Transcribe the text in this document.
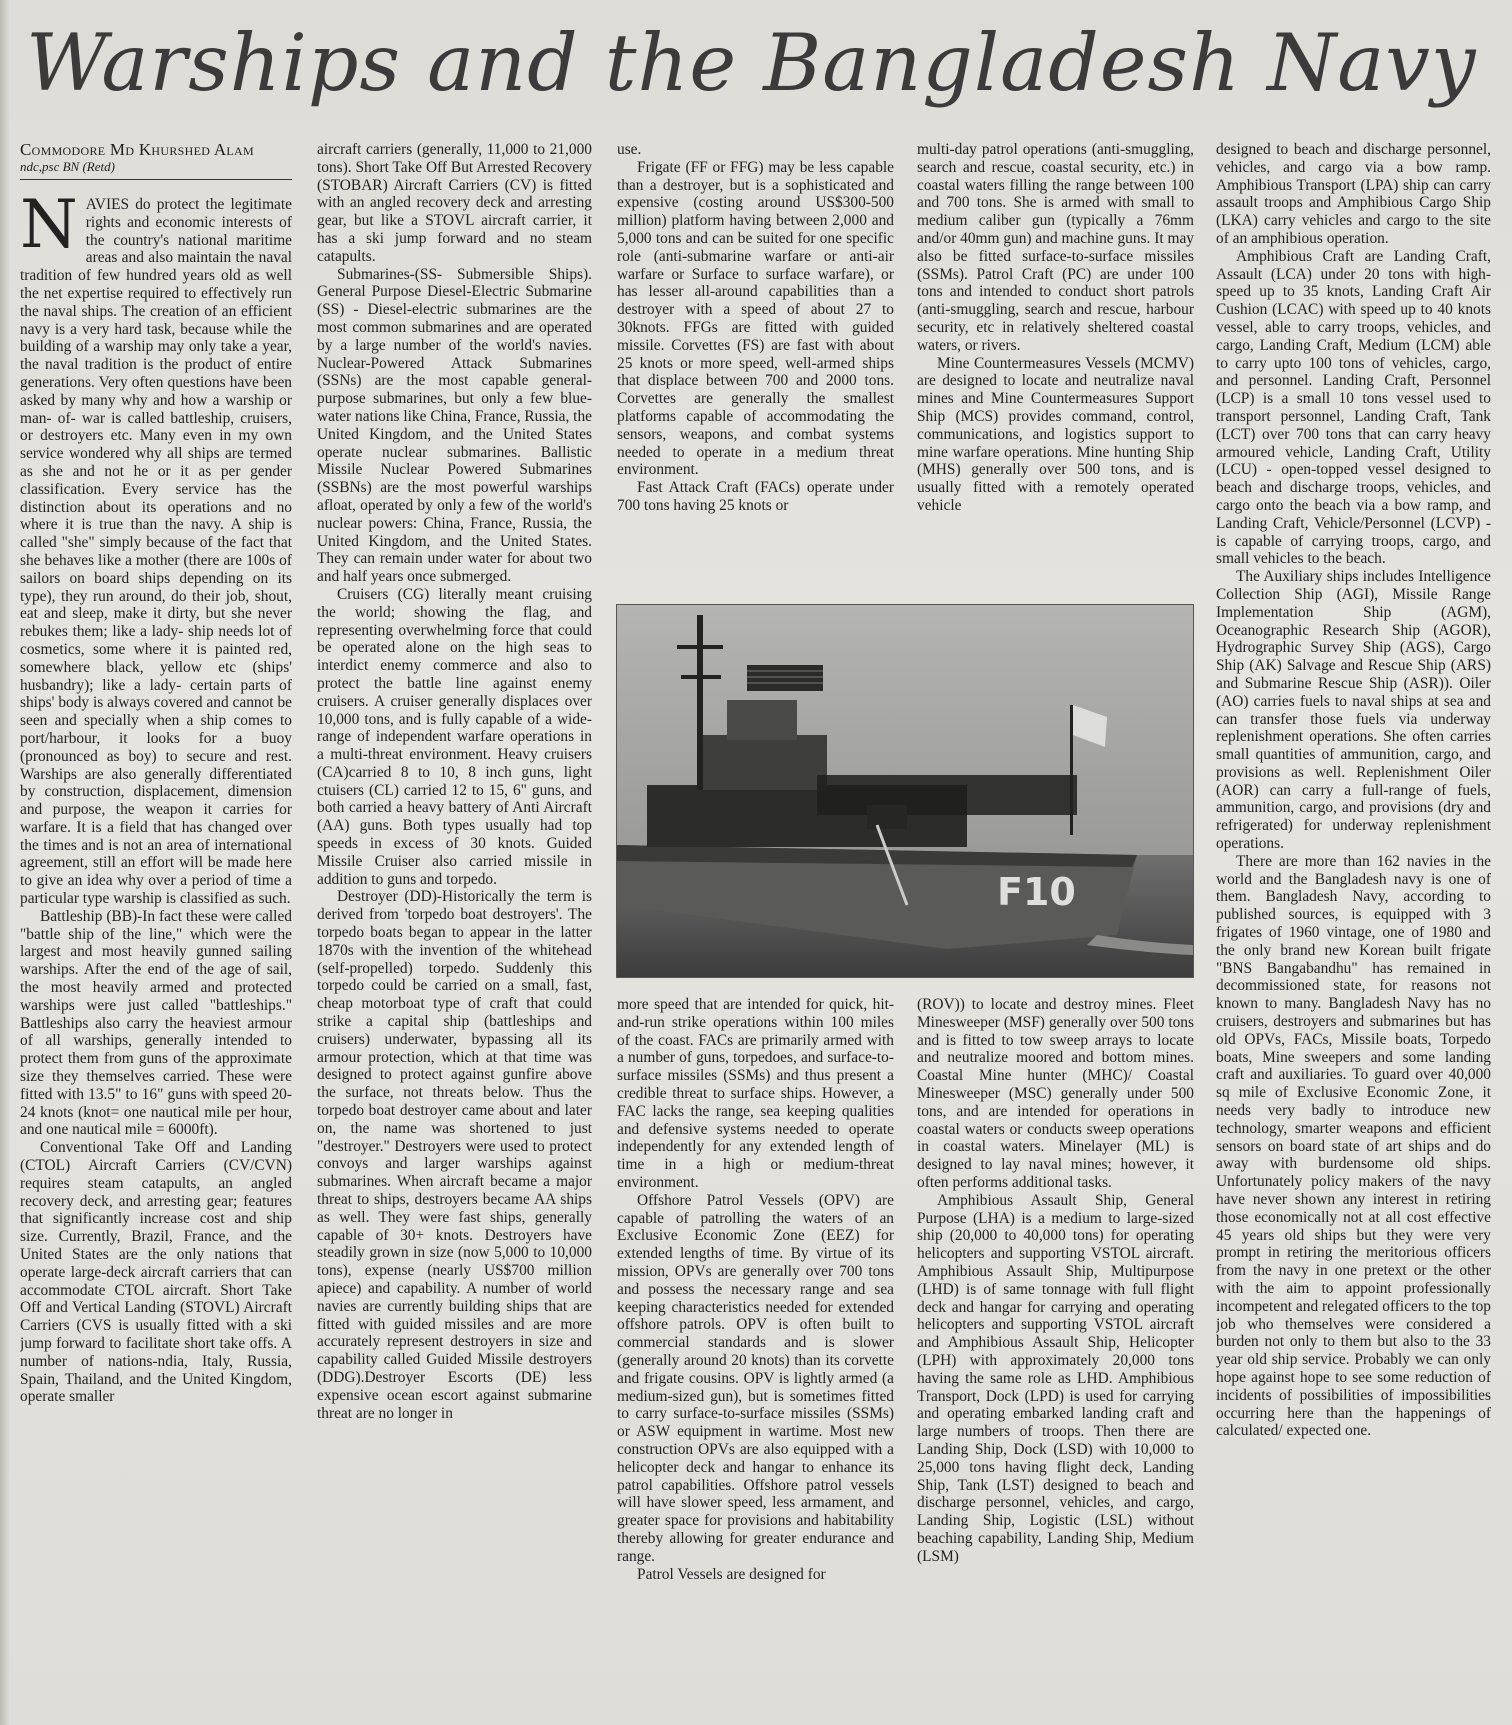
Warships and the Bangladesh Navy
Commodore Md Khurshed Alam
ndc,psc BN (Retd)

NAVIES do protect the legitimate rights and economic interests of the country's national maritime areas and also maintain the naval tradition of few hundred years old as well the net expertise required to effectively run the naval ships. The creation of an efficient navy is a very hard task, because while the building of a warship may only take a year, the naval tradition is the product of entire generations. Very often questions have been asked by many why and how a warship or man- of- war is called battleship, cruisers, or destroyers etc. Many even in my own service wondered why all ships are termed as she and not he or it as per gender classification. Every service has the distinction about its operations and no where it is true than the navy. A ship is called "she" simply because of the fact that she behaves like a mother (there are 100s of sailors on board ships depending on its type), they run around, do their job, shout, eat and sleep, make it dirty, but she never rebukes them; like a lady- ship needs lot of cosmetics, some where it is painted red, somewhere black, yellow etc (ships' husbandry); like a lady- certain parts of ships' body is always covered and cannot be seen and specially when a ship comes to port/harbour, it looks for a buoy (pronounced as boy) to secure and rest. Warships are also generally differentiated by construction, displacement, dimension and purpose, the weapon it carries for warfare. It is a field that has changed over the times and is not an area of international agreement, still an effort will be made here to give an idea why over a period of time a particular type warship is classified as such.

Battleship (BB)-In fact these were called "battle ship of the line," which were the largest and most heavily gunned sailing warships. After the end of the age of sail, the most heavily armed and protected warships were just called "battleships." Battleships also carry the heaviest armour of all warships, generally intended to protect them from guns of the approximate size they themselves carried. These were fitted with 13.5" to 16" guns with speed 20-24 knots (knot= one nautical mile per hour, and one nautical mile = 6000ft).

Conventional Take Off and Landing (CTOL) Aircraft Carriers (CV/CVN) requires steam catapults, an angled recovery deck, and arresting gear; features that significantly increase cost and ship size. Currently, Brazil, France, and the United States are the only nations that operate large-deck aircraft carriers that can accommodate CTOL aircraft. Short Take Off and Vertical Landing (STOVL) Aircraft Carriers (CVS is usually fitted with a ski jump forward to facilitate short take offs. A number of nations-ndia, Italy, Russia, Spain, Thailand, and the United Kingdom, operate smaller

aircraft carriers (generally, 11,000 to 21,000 tons). Short Take Off But Arrested Recovery (STOBAR) Aircraft Carriers (CV) is fitted with an angled recovery deck and arresting gear, but like a STOVL aircraft carrier, it has a ski jump forward and no steam catapults.

Submarines-(SS- Submersible Ships). General Purpose Diesel-Electric Submarine (SS) - Diesel-electric submarines are the most common submarines and are operated by a large number of the world's navies. Nuclear-Powered Attack Submarines (SSNs) are the most capable general-purpose submarines, but only a few blue-water nations like China, France, Russia, the United Kingdom, and the United States operate nuclear submarines. Ballistic Missile Nuclear Powered Submarines (SSBNs) are the most powerful warships afloat, operated by only a few of the world's nuclear powers: China, France, Russia, the United Kingdom, and the United States. They can remain under water for about two and half years once submerged.

Cruisers (CG) literally meant cruising the world; showing the flag, and representing overwhelming force that could be operated alone on the high seas to interdict enemy commerce and also to protect the battle line against enemy cruisers. A cruiser generally displaces over 10,000 tons, and is fully capable of a wide-range of independent warfare operations in a multi-threat environment. Heavy cruisers (CA)carried 8 to 10, 8 inch guns, light ctuisers (CL) carried 12 to 15, 6" guns, and both carried a heavy battery of Anti Aircraft (AA) guns. Both types usually had top speeds in excess of 30 knots. Guided Missile Cruiser also carried missile in addition to guns and torpedo.

Destroyer (DD)-Historically the term is derived from 'torpedo boat destroyers'. The torpedo boats began to appear in the latter 1870s with the invention of the whitehead (self-propelled) torpedo. Suddenly this torpedo could be carried on a small, fast, cheap motorboat type of craft that could strike a capital ship (battleships and cruisers) underwater, bypassing all its armour protection, which at that time was designed to protect against gunfire above the surface, not threats below. Thus the torpedo boat destroyer came about and later on, the name was shortened to just "destroyer." Destroyers were used to protect convoys and larger warships against submarines. When aircraft became a major threat to ships, destroyers became AA ships as well. They were fast ships, generally capable of 30+ knots. Destroyers have steadily grown in size (now 5,000 to 10,000 tons), expense (nearly US$700 million apiece) and capability. A number of world navies are currently building ships that are fitted with guided missiles and are more accurately represent destroyers in size and capability called Guided Missile destroyers (DDG).Destroyer Escorts (DE) less expensive ocean escort against submarine threat are no longer in

use.

Frigate (FF or FFG) may be less capable than a destroyer, but is a sophisticated and expensive (costing around US$300-500 million) platform having between 2,000 and 5,000 tons and can be suited for one specific role (anti-submarine warfare or anti-air warfare or Surface to surface warfare), or has lesser all-around capabilities than a destroyer with a speed of about 27 to 30knots. FFGs are fitted with guided missile. Corvettes (FS) are fast with about 25 knots or more speed, well-armed ships that displace between 700 and 2000 tons. Corvettes are generally the smallest platforms capable of accommodating the sensors, weapons, and combat systems needed to operate in a medium threat environment.

Fast Attack Craft (FACs) operate under 700 tons having 25 knots or

multi-day patrol operations (anti-smuggling, search and rescue, coastal security, etc.) in coastal waters filling the range between 100 and 700 tons. She is armed with small to medium caliber gun (typically a 76mm and/or 40mm gun) and machine guns. It may also be fitted surface-to-surface missiles (SSMs). Patrol Craft (PC) are under 100 tons and intended to conduct short patrols (anti-smuggling, search and rescue, harbour security, etc in relatively sheltered coastal waters, or rivers.

Mine Countermeasures Vessels (MCMV) are designed to locate and neutralize naval mines and Mine Countermeasures Support Ship (MCS) provides command, control, communications, and logistics support to mine warfare operations. Mine hunting Ship (MHS) generally over 500 tons, and is usually fitted with a remotely operated vehicle

F10

more speed that are intended for quick, hit-and-run strike operations within 100 miles of the coast. FACs are primarily armed with a number of guns, torpedoes, and surface-to-surface missiles (SSMs) and thus present a credible threat to surface ships. However, a FAC lacks the range, sea keeping qualities and defensive systems needed to operate independently for any extended length of time in a high or medium-threat environment.

Offshore Patrol Vessels (OPV) are capable of patrolling the waters of an Exclusive Economic Zone (EEZ) for extended lengths of time. By virtue of its mission, OPVs are generally over 700 tons and possess the necessary range and sea keeping characteristics needed for extended offshore patrols. OPV is often built to commercial standards and is slower (generally around 20 knots) than its corvette and frigate cousins. OPV is lightly armed (a medium-sized gun), but is sometimes fitted to carry surface-to-surface missiles (SSMs) or ASW equipment in wartime. Most new construction OPVs are also equipped with a helicopter deck and hangar to enhance its patrol capabilities. Offshore patrol vessels will have slower speed, less armament, and greater space for provisions and habitability thereby allowing for greater endurance and range.

Patrol Vessels are designed for

(ROV)) to locate and destroy mines. Fleet Minesweeper (MSF) generally over 500 tons and is fitted to tow sweep arrays to locate and neutralize moored and bottom mines. Coastal Mine hunter (MHC)/ Coastal Minesweeper (MSC) generally under 500 tons, and are intended for operations in coastal waters or conducts sweep operations in coastal waters. Minelayer (ML) is designed to lay naval mines; however, it often performs additional tasks.

Amphibious Assault Ship, General Purpose (LHA) is a medium to large-sized ship (20,000 to 40,000 tons) for operating helicopters and supporting VSTOL aircraft. Amphibious Assault Ship, Multipurpose (LHD) is of same tonnage with full flight deck and hangar for carrying and operating helicopters and supporting VSTOL aircraft and Amphibious Assault Ship, Helicopter (LPH) with approximately 20,000 tons having the same role as LHD. Amphibious Transport, Dock (LPD) is used for carrying and operating embarked landing craft and large numbers of troops. Then there are Landing Ship, Dock (LSD) with 10,000 to 25,000 tons having flight deck, Landing Ship, Tank (LST) designed to beach and discharge personnel, vehicles, and cargo, Landing Ship, Logistic (LSL) without beaching capability, Landing Ship, Medium (LSM)

designed to beach and discharge personnel, vehicles, and cargo via a bow ramp. Amphibious Transport (LPA) ship can carry assault troops and Amphibious Cargo Ship (LKA) carry vehicles and cargo to the site of an amphibious operation.

Amphibious Craft are Landing Craft, Assault (LCA) under 20 tons with high-speed up to 35 knots, Landing Craft Air Cushion (LCAC) with speed up to 40 knots vessel, able to carry troops, vehicles, and cargo, Landing Craft, Medium (LCM) able to carry upto 100 tons of vehicles, cargo, and personnel. Landing Craft, Personnel (LCP) is a small 10 tons vessel used to transport personnel, Landing Craft, Tank (LCT) over 700 tons that can carry heavy armoured vehicle, Landing Craft, Utility (LCU) - open-topped vessel designed to beach and discharge troops, vehicles, and cargo onto the beach via a bow ramp, and Landing Craft, Vehicle/Personnel (LCVP) - is capable of carrying troops, cargo, and small vehicles to the beach.

The Auxiliary ships includes Intelligence Collection Ship (AGI), Missile Range Implementation Ship (AGM), Oceanographic Research Ship (AGOR), Hydrographic Survey Ship (AGS), Cargo Ship (AK) Salvage and Rescue Ship (ARS) and Submarine Rescue Ship (ASR)). Oiler (AO) carries fuels to naval ships at sea and can transfer those fuels via underway replenishment operations. She often carries small quantities of ammunition, cargo, and provisions as well. Replenishment Oiler (AOR) can carry a full-range of fuels, ammunition, cargo, and provisions (dry and refrigerated) for underway replenishment operations.

There are more than 162 navies in the world and the Bangladesh navy is one of them. Bangladesh Navy, according to published sources, is equipped with 3 frigates of 1960 vintage, one of 1980 and the only brand new Korean built frigate "BNS Bangabandhu" has remained in decommissioned state, for reasons not known to many. Bangladesh Navy has no cruisers, destroyers and submarines but has old OPVs, FACs, Missile boats, Torpedo boats, Mine sweepers and some landing craft and auxiliaries. To guard over 40,000 sq mile of Exclusive Economic Zone, it needs very badly to introduce new technology, smarter weapons and efficient sensors on board state of art ships and do away with burdensome old ships. Unfortunately policy makers of the navy have never shown any interest in retiring those economically not at all cost effective 45 years old ships but they were very prompt in retiring the meritorious officers from the navy in one pretext or the other with the aim to appoint professionally incompetent and relegated officers to the top job who themselves were considered a burden not only to them but also to the 33 year old ship service. Probably we can only hope against hope to see some reduction of incidents of possibilities of impossibilities occurring here than the happenings of calculated/ expected one.
